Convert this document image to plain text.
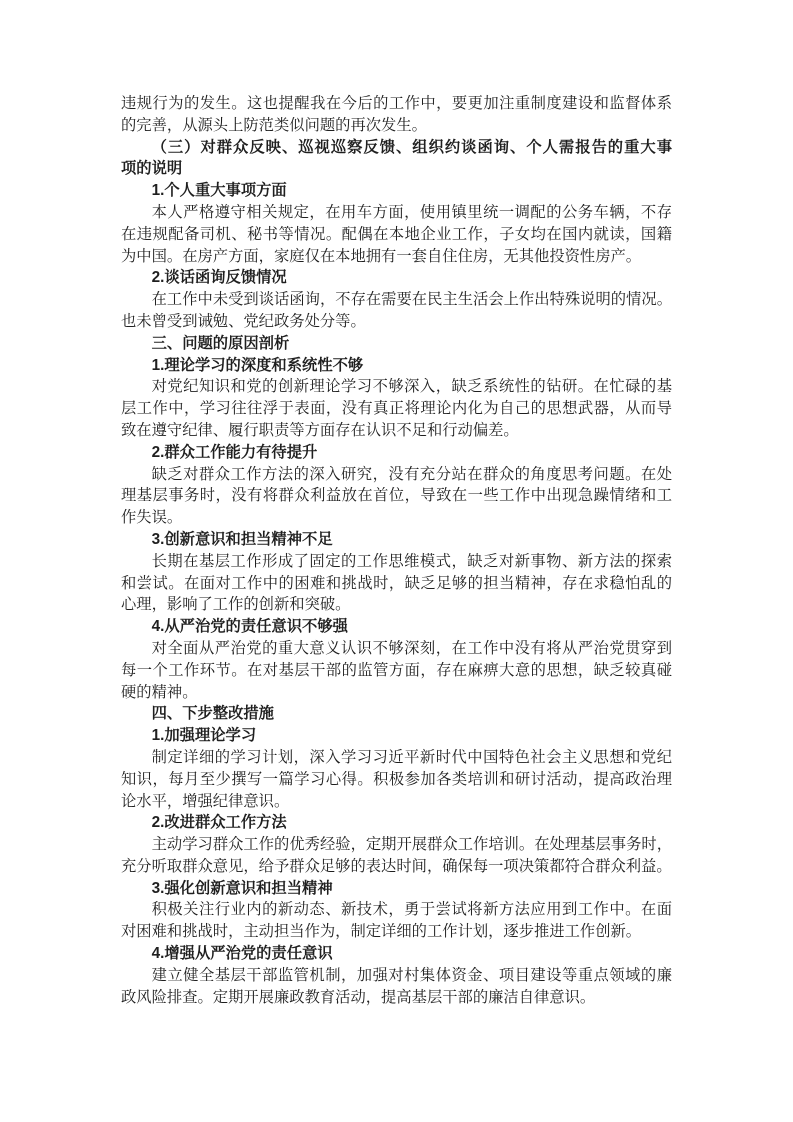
违规行为的发生。这也提醒我在今后的工作中，要更加注重制度建设和监督体系
的完善，从源头上防范类似问题的再次发生。
（三）对群众反映、巡视巡察反馈、组织约谈函询、个人需报告的重大事
项的说明
1.个人重大事项方面
本人严格遵守相关规定，在用车方面，使用镇里统一调配的公务车辆，不存
在违规配备司机、秘书等情况。配偶在本地企业工作，子女均在国内就读，国籍
为中国。在房产方面，家庭仅在本地拥有一套自住住房，无其他投资性房产。
2.谈话函询反馈情况
在工作中未受到谈话函询，不存在需要在民主生活会上作出特殊说明的情况。
也未曾受到诫勉、党纪政务处分等。
三、问题的原因剖析
1.理论学习的深度和系统性不够
对党纪知识和党的创新理论学习不够深入，缺乏系统性的钻研。在忙碌的基
层工作中，学习往往浮于表面，没有真正将理论内化为自己的思想武器，从而导
致在遵守纪律、履行职责等方面存在认识不足和行动偏差。
2.群众工作能力有待提升
缺乏对群众工作方法的深入研究，没有充分站在群众的角度思考问题。在处
理基层事务时，没有将群众利益放在首位，导致在一些工作中出现急躁情绪和工
作失误。
3.创新意识和担当精神不足
长期在基层工作形成了固定的工作思维模式，缺乏对新事物、新方法的探索
和尝试。在面对工作中的困难和挑战时，缺乏足够的担当精神，存在求稳怕乱的
心理，影响了工作的创新和突破。
4.从严治党的责任意识不够强
对全面从严治党的重大意义认识不够深刻，在工作中没有将从严治党贯穿到
每一个工作环节。在对基层干部的监管方面，存在麻痹大意的思想，缺乏较真碰
硬的精神。
四、下步整改措施
1.加强理论学习
制定详细的学习计划，深入学习习近平新时代中国特色社会主义思想和党纪
知识，每月至少撰写一篇学习心得。积极参加各类培训和研讨活动，提高政治理
论水平，增强纪律意识。
2.改进群众工作方法
主动学习群众工作的优秀经验，定期开展群众工作培训。在处理基层事务时，
充分听取群众意见，给予群众足够的表达时间，确保每一项决策都符合群众利益。
3.强化创新意识和担当精神
积极关注行业内的新动态、新技术，勇于尝试将新方法应用到工作中。在面
对困难和挑战时，主动担当作为，制定详细的工作计划，逐步推进工作创新。
4.增强从严治党的责任意识
建立健全基层干部监管机制，加强对村集体资金、项目建设等重点领域的廉
政风险排查。定期开展廉政教育活动，提高基层干部的廉洁自律意识。
